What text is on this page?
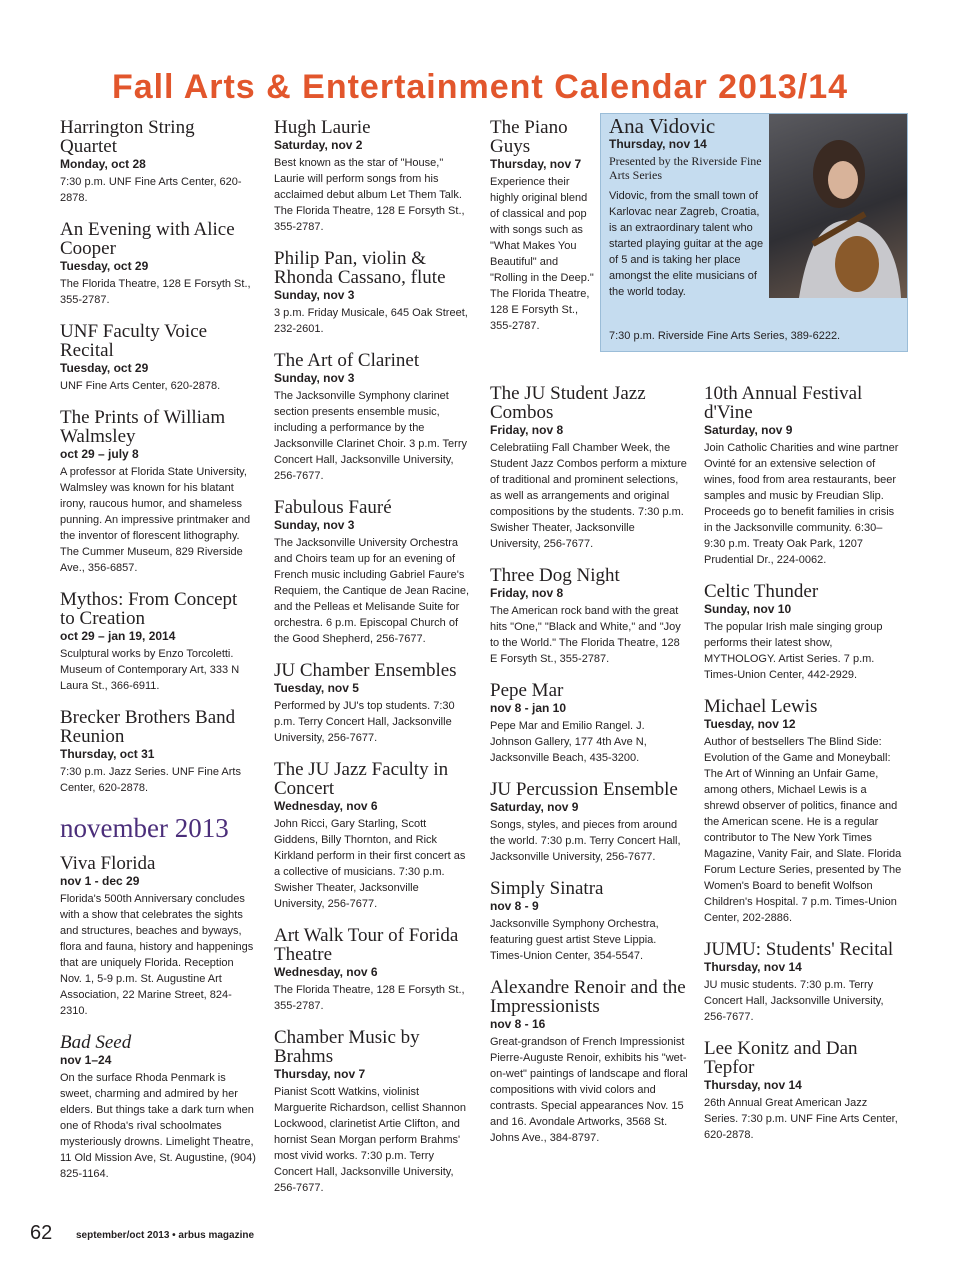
Fall Arts & Entertainment Calendar 2013/14
Harrington String Quartet
Monday, oct 28
7:30 p.m. UNF Fine Arts Center, 620-2878.
An Evening with Alice Cooper
Tuesday, oct 29
The Florida Theatre, 128 E Forsyth St., 355-2787.
UNF Faculty Voice Recital
Tuesday, oct 29
UNF Fine Arts Center, 620-2878.
The Prints of William Walmsley
oct 29 – july 8
A professor at Florida State University, Walmsley was known for his blatant irony, raucous humor, and shameless punning. An impressive printmaker and the inventor of florescent lithography. The Cummer Museum, 829 Riverside Ave., 356-6857.
Mythos: From Concept to Creation
oct 29 – jan 19, 2014
Sculptural works by Enzo Torcoletti. Museum of Contemporary Art, 333 N Laura St., 366-6911.
Brecker Brothers Band Reunion
Thursday, oct 31
7:30 p.m. Jazz Series. UNF Fine Arts Center, 620-2878.
november 2013
Viva Florida
nov 1 - dec 29
Florida's 500th Anniversary concludes with a show that celebrates the sights and structures, beaches and byways, flora and fauna, history and happenings that are uniquely Florida. Reception Nov. 1, 5-9 p.m. St. Augustine Art Association, 22 Marine Street, 824-2310.
Bad Seed
nov 1–24
On the surface Rhoda Penmark is sweet, charming and admired by her elders. But things take a dark turn when one of Rhoda's rival schoolmates mysteriously drowns. Limelight Theatre, 11 Old Mission Ave, St. Augustine, (904) 825-1164.
Hugh Laurie
Saturday, nov 2
Best known as the star of "House," Laurie will perform songs from his acclaimed debut album Let Them Talk. The Florida Theatre, 128 E Forsyth St., 355-2787.
Philip Pan, violin & Rhonda Cassano, flute
Sunday, nov 3
3 p.m. Friday Musicale, 645 Oak Street, 232-2601.
The Art of Clarinet
Sunday, nov 3
The Jacksonville Symphony clarinet section presents ensemble music, including a performance by the Jacksonville Clarinet Choir. 3 p.m. Terry Concert Hall, Jacksonville University, 256-7677.
Fabulous Fauré
Sunday, nov 3
The Jacksonville University Orchestra and Choirs team up for an evening of French music including Gabriel Faure's Requiem, the Cantique de Jean Racine, and the Pelleas et Melisande Suite for orchestra. 6 p.m. Episcopal Church of the Good Shepherd, 256-7677.
JU Chamber Ensembles
Tuesday, nov 5
Performed by JU's top students. 7:30 p.m. Terry Concert Hall, Jacksonville University, 256-7677.
The JU Jazz Faculty in Concert
Wednesday, nov 6
John Ricci, Gary Starling, Scott Giddens, Billy Thornton, and Rick Kirkland perform in their first concert as a collective of musicians. 7:30 p.m. Swisher Theater, Jacksonville University, 256-7677.
Art Walk Tour of Forida Theatre
Wednesday, nov 6
The Florida Theatre, 128 E Forsyth St., 355-2787.
Chamber Music by Brahms
Thursday, nov 7
Pianist Scott Watkins, violinist Marguerite Richardson, cellist Shannon Lockwood, clarinetist Artie Clifton, and hornist Sean Morgan perform Brahms' most vivid works. 7:30 p.m. Terry Concert Hall, Jacksonville University, 256-7677.
The Piano Guys
Thursday, nov 7
Experience their highly original blend of classical and pop with songs such as "What Makes You Beautiful" and "Rolling in the Deep." The Florida Theatre, 128 E Forsyth St., 355-2787.
Ana Vidovic
Thursday, nov 14
Presented by the Riverside Fine Arts Series
Vidovic, from the small town of Karlovac near Zagreb, Croatia, is an extraordinary talent who started playing guitar at the age of 5 and is taking her place amongst the elite musicians of the world today.
7:30 p.m. Riverside Fine Arts Series, 389-6222.
The JU Student Jazz Combos
Friday, nov 8
Celebratiing Fall Chamber Week, the Student Jazz Combos perform a mixture of traditional and prominent selections, as well as arrangements and original compositions by the students. 7:30 p.m. Swisher Theater, Jacksonville University, 256-7677.
Three Dog Night
Friday, nov 8
The American rock band with the great hits "One," "Black and White," and "Joy to the World." The Florida Theatre, 128 E Forsyth St., 355-2787.
Pepe Mar
nov 8 - jan 10
Pepe Mar and Emilio Rangel. J. Johnson Gallery, 177 4th Ave N, Jacksonville Beach, 435-3200.
JU Percussion Ensemble
Saturday, nov 9
Songs, styles, and pieces from around the world. 7:30 p.m. Terry Concert Hall, Jacksonville University, 256-7677.
Simply Sinatra
nov 8 - 9
Jacksonville Symphony Orchestra, featuring guest artist Steve Lippia. Times-Union Center, 354-5547.
Alexandre Renoir and the Impressionists
nov 8 - 16
Great-grandson of French Impressionist Pierre-Auguste Renoir, exhibits his "wet-on-wet" paintings of landscape and floral compositions with vivid colors and contrasts. Special appearances Nov. 15 and 16. Avondale Artworks, 3568 St. Johns Ave., 384-8797.
10th Annual Festival d'Vine
Saturday, nov 9
Join Catholic Charities and wine partner Ovinté for an extensive selection of wines, food from area restaurants, beer samples and music by Freudian Slip. Proceeds go to benefit families in crisis in the Jacksonville community. 6:30–9:30 p.m. Treaty Oak Park, 1207 Prudential Dr., 224-0062.
Celtic Thunder
Sunday, nov 10
The popular Irish male singing group performs their latest show, MYTHOLOGY. Artist Series. 7 p.m. Times-Union Center, 442-2929.
Michael Lewis
Tuesday, nov 12
Author of bestsellers The Blind Side: Evolution of the Game and Moneyball: The Art of Winning an Unfair Game, among others, Michael Lewis is a shrewd observer of politics, finance and the American scene. He is a regular contributor to The New York Times Magazine, Vanity Fair, and Slate. Florida Forum Lecture Series, presented by The Women's Board to benefit Wolfson Children's Hospital. 7 p.m. Times-Union Center, 202-2886.
JUMU: Students' Recital
Thursday, nov 14
JU music students. 7:30 p.m. Terry Concert Hall, Jacksonville University, 256-7677.
Lee Konitz and Dan Tepfor
Thursday, nov 14
26th Annual Great American Jazz Series. 7:30 p.m. UNF Fine Arts Center, 620-2878.
62 september/oct 2013 • arbus magazine
